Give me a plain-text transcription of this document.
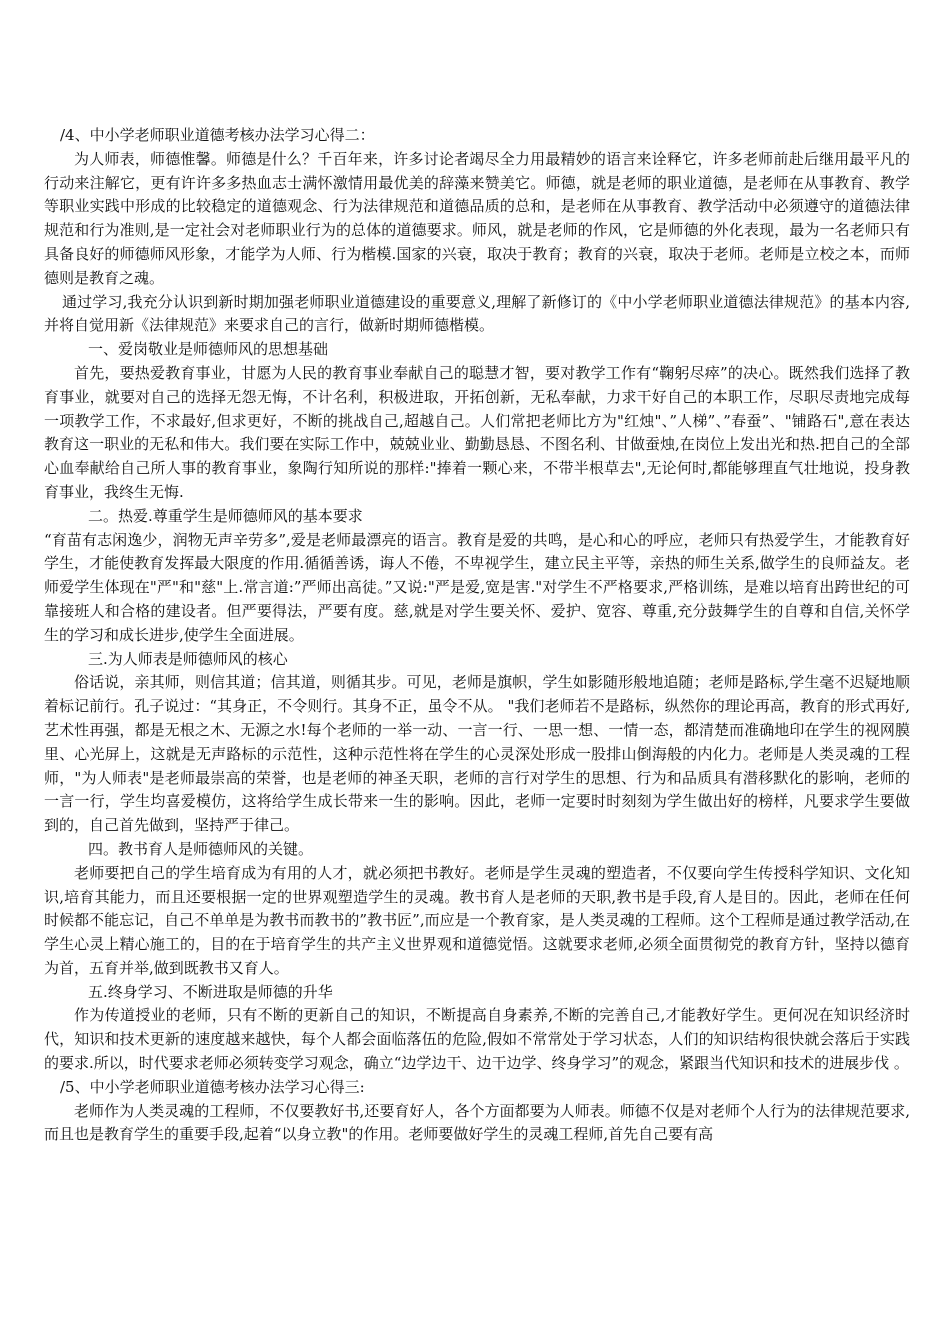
/4、中小学老师职业道德考核办法学习心得二：

为人师表，师德惟馨。师德是什么？千百年来，许多讨论者竭尽全力用最精妙的语言来诠释它，许多老师前赴后继用最平凡的行动来注解它，更有许许多多热血志士满怀激情用最优美的辞藻来赞美它。师德，就是老师的职业道德，是老师在从事教育、教学等职业实践中形成的比较稳定的道德观念、行为法律规范和道德品质的总和，是老师在从事教育、教学活动中必须遵守的道德法律规范和行为准则,是一定社会对老师职业行为的总体的道德要求。师风，就是老师的作风，它是师德的外化表现，最为一名老师只有具备良好的师德师风形象，才能学为人师、行为楷模.国家的兴衰，取决于教育；教育的兴衰，取决于老师。老师是立校之本，而师德则是教育之魂。

通过学习,我充分认识到新时期加强老师职业道德建设的重要意义,理解了新修订的《中小学老师职业道德法律规范》的基本内容,并将自觉用新《法律规范》来要求自己的言行，做新时期师德楷模。

一、爱岗敬业是师德师风的思想基础

首先，要热爱教育事业，甘愿为人民的教育事业奉献自己的聪慧才智，要对教学工作有“鞠躬尽瘁”的决心。既然我们选择了教育事业，就要对自己的选择无怨无悔，不计名利，积极进取，开拓创新，无私奉献，力求干好自己的本职工作，尽职尽责地完成每一项教学工作，不求最好,但求更好，不断的挑战自己,超越自己。人们常把老师比方为"红烛"、”人梯”、”春蚕”、"铺路石",意在表达教育这一职业的无私和伟大。我们要在实际工作中，兢兢业业、勤勤恳恳、不图名利、甘做蚕烛,在岗位上发出光和热.把自己的全部心血奉献给自己所人事的教育事业，象陶行知所说的那样:"捧着一颗心来，不带半根草去",无论何时,都能够理直气壮地说，投身教育事业，我终生无悔.

二。热爱.尊重学生是师德师风的基本要求

“育苗有志闲逸少，润物无声辛劳多”,爱是老师最漂亮的语言。教育是爱的共鸣，是心和心的呼应，老师只有热爱学生，才能教育好学生，才能使教育发挥最大限度的作用.循循善诱，诲人不倦，不卑视学生，建立民主平等，亲热的师生关系,做学生的良师益友。老师爱学生体现在"严"和"慈"上.常言道:”严师出高徒。”又说:"严是爱,宽是害."对学生不严格要求,严格训练，是难以培育出跨世纪的可靠接班人和合格的建设者。但严要得法，严要有度。慈,就是对学生要关怀、爱护、宽容、尊重,充分鼓舞学生的自尊和自信,关怀学生的学习和成长进步,使学生全面进展。

三.为人师表是师德师风的核心

俗话说，亲其师，则信其道；信其道，则循其步。可见，老师是旗帜，学生如影随形般地追随；老师是路标,学生毫不迟疑地顺着标记前行。孔子说过：“其身正，不令则行。其身不正，虽令不从。 "我们老师若不是路标，纵然你的理论再高，教育的形式再好,艺术性再强，都是无根之木、无源之水!每个老师的一举一动、一言一行、一思一想、一情一态，都清楚而准确地印在学生的视网膜里、心光屏上，这就是无声路标的示范性，这种示范性将在学生的心灵深处形成一股排山倒海般的内化力。老师是人类灵魂的工程师，"为人师表"是老师最崇高的荣誉，也是老师的神圣天职，老师的言行对学生的思想、行为和品质具有潜移默化的影响，老师的一言一行，学生均喜爱模仿，这将给学生成长带来一生的影响。因此，老师一定要时时刻刻为学生做出好的榜样，凡要求学生要做到的，自己首先做到，坚持严于律己。

四。教书育人是师德师风的关键。

老师要把自己的学生培育成为有用的人才，就必须把书教好。老师是学生灵魂的塑造者，不仅要向学生传授科学知识、文化知识,培育其能力，而且还要根据一定的世界观塑造学生的灵魂。教书育人是老师的天职,教书是手段,育人是目的。因此，老师在任何时候都不能忘记，自己不单单是为教书而教书的”教书匠”,而应是一个教育家，是人类灵魂的工程师。这个工程师是通过教学活动,在学生心灵上精心施工的，目的在于培育学生的共产主义世界观和道德觉悟。这就要求老师,必须全面贯彻党的教育方针，坚持以德育为首，五育并举,做到既教书又育人。

五.终身学习、不断进取是师德的升华

作为传道授业的老师，只有不断的更新自己的知识，不断提高自身素养,不断的完善自己,才能教好学生。更何况在知识经济时代，知识和技术更新的速度越来越快，每个人都会面临落伍的危险,假如不常常处于学习状态，人们的知识结构很快就会落后于实践的要求.所以，时代要求老师必须转变学习观念，确立“边学边干、边干边学、终身学习”的观念，紧跟当代知识和技术的进展步伐 。

/5、中小学老师职业道德考核办法学习心得三:

老师作为人类灵魂的工程师，不仅要教好书,还要育好人，各个方面都要为人师表。师德不仅是对老师个人行为的法律规范要求,而且也是教育学生的重要手段,起着“以身立教"的作用。老师要做好学生的灵魂工程师,首先自己要有高
